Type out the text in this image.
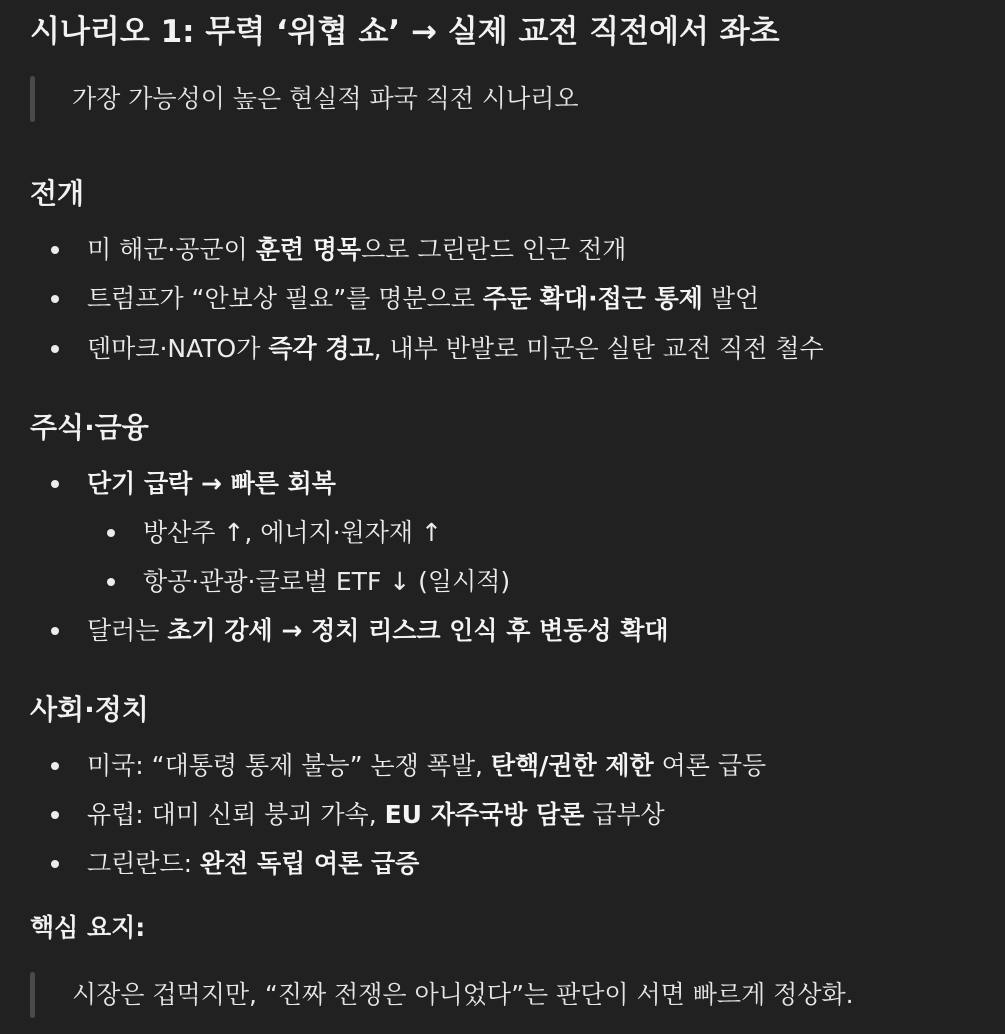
시나리오 1: 무력 ‘위협 쇼’ → 실제 교전 직전에서 좌초
가장 가능성이 높은 현실적 파국 직전 시나리오
전개
미 해군·공군이 훈련 명목으로 그린란드 인근 전개
트럼프가 “안보상 필요”를 명분으로 주둔 확대·접근 통제 발언
덴마크·NATO가 즉각 경고, 내부 반발로 미군은 실탄 교전 직전 철수
주식·금융
단기 급락 → 빠른 회복
방산주 ↑, 에너지·원자재 ↑
항공·관광·글로벌 ETF ↓ (일시적)
달러는 초기 강세 → 정치 리스크 인식 후 변동성 확대
사회·정치
미국: “대통령 통제 불능” 논쟁 폭발, 탄핵/권한 제한 여론 급등
유럽: 대미 신뢰 붕괴 가속, EU 자주국방 담론 급부상
그린란드: 완전 독립 여론 급증
핵심 요지:
시장은 겁먹지만, “진짜 전쟁은 아니었다”는 판단이 서면 빠르게 정상화.
